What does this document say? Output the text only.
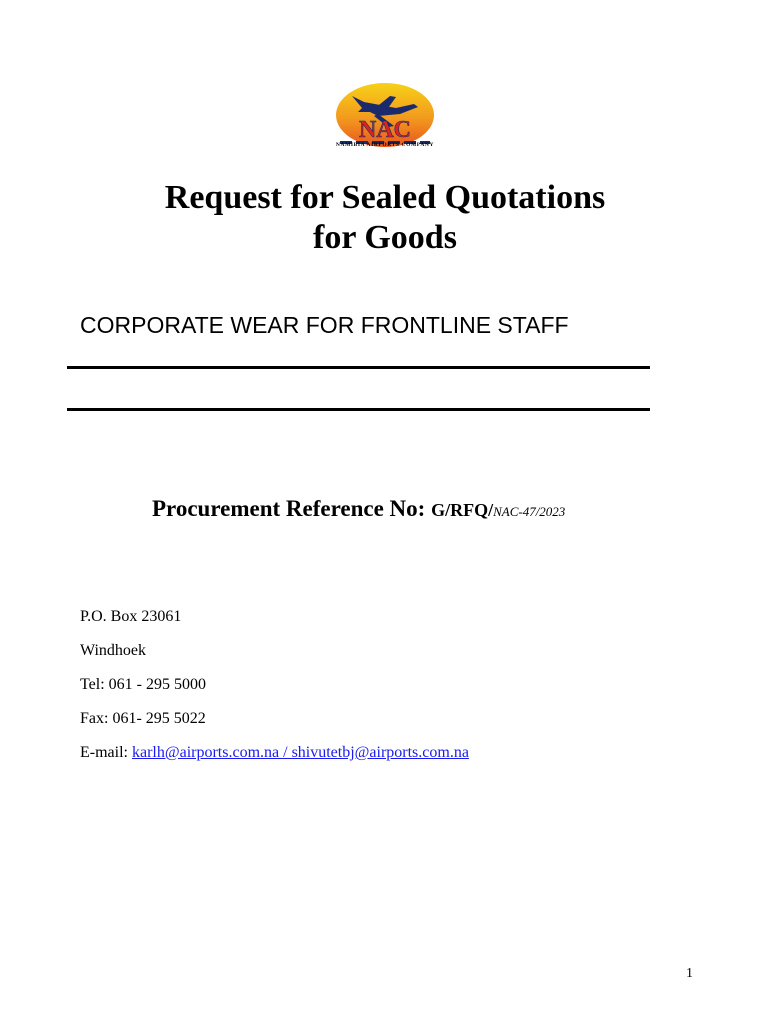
NAC
NAMIBIA AIRPORTS COMPANY
Request for Sealed Quotations
for Goods
CORPORATE WEAR FOR FRONTLINE STAFF
Procurement Reference No: G/RFQ/NAC-47/2023
P.O. Box 23061
Windhoek
Tel: 061 - 295 5000
Fax: 061- 295 5022
E-mail: karlh@airports.com.na / shivutetbj@airports.com.na
1
